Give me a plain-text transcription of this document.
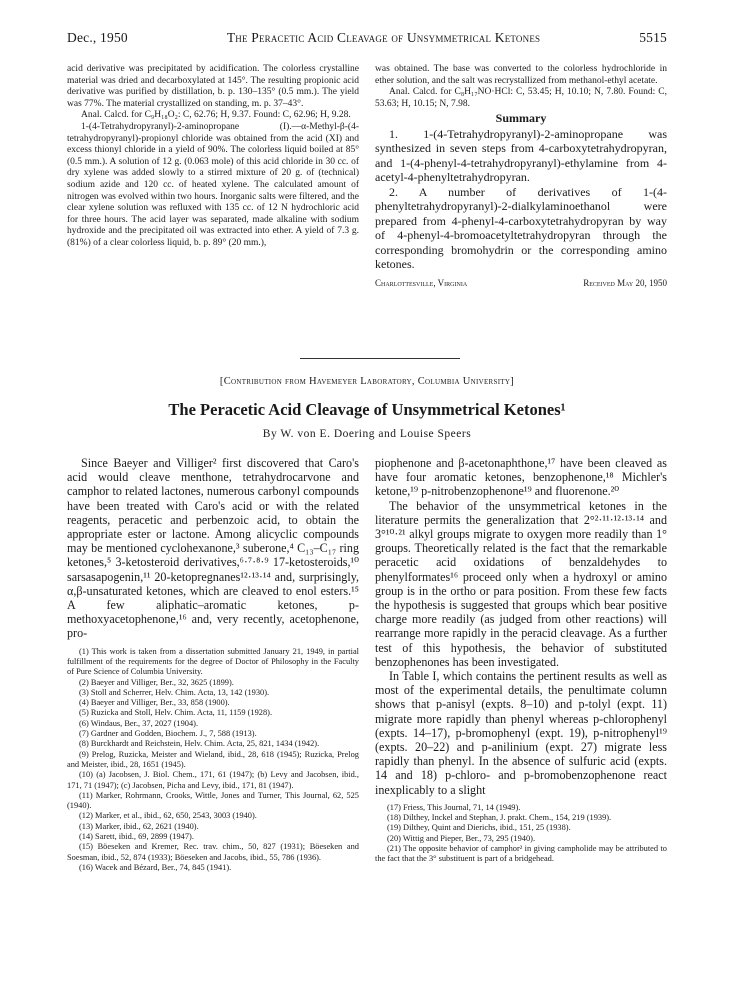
Dec., 1950	The Peracetic Acid Cleavage of Unsymmetrical Ketones	5515

acid derivative was precipitated by acidification. The colorless crystalline material was dried and decarboxylated at 145°. The resulting propionic acid derivative was purified by distillation, b. p. 130–135° (0.5 mm.). The yield was 77%. The material crystallized on standing, m. p. 37–43°.

Anal. Calcd. for C₉H₁₈O₂: C, 62.76; H, 9.37. Found: C, 62.96; H, 9.28.

1-(4-Tetrahydropyranyl)-2-aminopropane (I).—α-Methyl-β-(4-tetrahydropyranyl)-propionyl chloride was obtained from the acid (XI) and excess thionyl chloride in a yield of 90%. The colorless liquid boiled at 85° (0.5 mm.). A solution of 12 g. (0.063 mole) of this acid chloride in 30 cc. of dry xylene was added slowly to a stirred mixture of 20 g. of (technical) sodium azide and 120 cc. of heated xylene. The calculated amount of nitrogen was evolved within two hours. Inorganic salts were filtered, and the clear xylene solution was refluxed with 135 cc. of 12 N hydrochloric acid for three hours. The acid layer was separated, made alkaline with sodium hydroxide and the precipitated oil was extracted into ether. A yield of 7.3 g. (81%) of a clear colorless liquid, b. p. 89° (20 mm.),

was obtained. The base was converted to the colorless hydrochloride in ether solution, and the salt was recrystallized from methanol-ethyl acetate.

Anal. Calcd. for C₈H₁₇NO·HCl: C, 53.45; H, 10.10; N, 7.80. Found: C, 53.63; H, 10.15; N, 7.98.

Summary

1. 1-(4-Tetrahydropyranyl)-2-aminopropane was synthesized in seven steps from 4-carboxytetrahydropyran, and 1-(4-phenyl-4-tetrahydropyranyl)-ethylamine from 4-acetyl-4-phenyltetrahydropyran.

2. A number of derivatives of 1-(4-phenyltetrahydropyranyl)-2-dialkylaminoethanol were prepared from 4-phenyl-4-carboxytetrahydropyran by way of 4-phenyl-4-bromoacetyltetrahydropyran through the corresponding bromohydrin or the corresponding amino ketones.

Charlottesville, Virginia	Received May 20, 1950
[Contribution from Havemeyer Laboratory, Columbia University]
The Peracetic Acid Cleavage of Unsymmetrical Ketones¹
By W. von E. Doering and Louise Speers

Since Baeyer and Villiger² first discovered that Caro's acid would cleave menthone, tetrahydrocarvone and camphor to related lactones, numerous carbonyl compounds have been treated with Caro's acid or with the related reagents, peracetic and perbenzoic acid, to obtain the appropriate ester or lactone. Among alicyclic compounds may be mentioned cyclohexanone,³ suberone,⁴ C₁₃–C₁₇ ring ketones,⁵ 3-ketosteroid derivatives,⁶·⁷·⁸·⁹ 17-ketosteroids,¹⁰ sarsasapogenin,¹¹ 20-ketopregnanes¹²·¹³·¹⁴ and, surprisingly, α,β-unsaturated ketones, which are cleaved to enol esters.¹⁵ A few aliphatic–aromatic ketones, p-methoxyacetophenone,¹⁶ and, very recently, acetophenone, pro-

(1) This work is taken from a dissertation submitted January 21, 1949, in partial fulfillment of the requirements for the degree of Doctor of Philosophy in the Faculty of Pure Science of Columbia University.
(2) Baeyer and Villiger, Ber., 32, 3625 (1899).
(3) Stoll and Scherrer, Helv. Chim. Acta, 13, 142 (1930).
(4) Baeyer and Villiger, Ber., 33, 858 (1900).
(5) Ruzicka and Stoll, Helv. Chim. Acta, 11, 1159 (1928).
(6) Windaus, Ber., 37, 2027 (1904).
(7) Gardner and Godden, Biochem. J., 7, 588 (1913).
(8) Burckhardt and Reichstein, Helv. Chim. Acta, 25, 821, 1434 (1942).
(9) Prelog, Ruzicka, Meister and Wieland, ibid., 28, 618 (1945); Ruzicka, Prelog and Meister, ibid., 28, 1651 (1945).
(10) (a) Jacobsen, J. Biol. Chem., 171, 61 (1947); (b) Levy and Jacobsen, ibid., 171, 71 (1947); (c) Jacobsen, Picha and Levy, ibid., 171, 81 (1947).
(11) Marker, Rohrmann, Crooks, Wittle, Jones and Turner, This Journal, 62, 525 (1940).
(12) Marker, et al., ibid., 62, 650, 2543, 3003 (1940).
(13) Marker, ibid., 62, 2621 (1940).
(14) Sarett, ibid., 69, 2899 (1947).
(15) Böeseken and Kremer, Rec. trav. chim., 50, 827 (1931); Böeseken and Soesman, ibid., 52, 874 (1933); Böeseken and Jacobs, ibid., 55, 786 (1936).
(16) Wacek and Bézard, Ber., 74, 845 (1941).

piophenone and β-acetonaphthone,¹⁷ have been cleaved as have four aromatic ketones, benzophenone,¹⁸ Michler's ketone,¹⁹ p-nitrobenzophenone¹⁹ and fluorenone.²⁰

The behavior of the unsymmetrical ketones in the literature permits the generalization that 2°²·¹¹·¹²·¹³·¹⁴ and 3°¹⁰·²¹ alkyl groups migrate to oxygen more readily than 1° groups. Theoretically related is the fact that the remarkable peracetic acid oxidations of benzaldehydes to phenylformates¹⁶ proceed only when a hydroxyl or amino group is in the ortho or para position. From these few facts the hypothesis is suggested that groups which bear positive charge more readily (as judged from other reactions) will rearrange more rapidly in the peracid cleavage. As a further test of this hypothesis, the behavior of substituted benzophenones has been investigated.

In Table I, which contains the pertinent results as well as most of the experimental details, the penultimate column shows that p-anisyl (expts. 8–10) and p-tolyl (expt. 11) migrate more rapidly than phenyl whereas p-chlorophenyl (expts. 14–17), p-bromophenyl (expt. 19), p-nitrophenyl¹⁹ (expts. 20–22) and p-anilinium (expt. 27) migrate less rapidly than phenyl. In the absence of sulfuric acid (expts. 14 and 18) p-chloro- and p-bromobenzophenone react inexplicably to a slight

(17) Friess, This Journal, 71, 14 (1949).
(18) Dilthey, Inckel and Stephan, J. prakt. Chem., 154, 219 (1939).
(19) Dilthey, Quint and Dierichs, ibid., 151, 25 (1938).
(20) Wittig and Pieper, Ber., 73, 295 (1940).
(21) The opposite behavior of camphor² in giving campholide may be attributed to the fact that the 3° substituent is part of a bridgehead.
